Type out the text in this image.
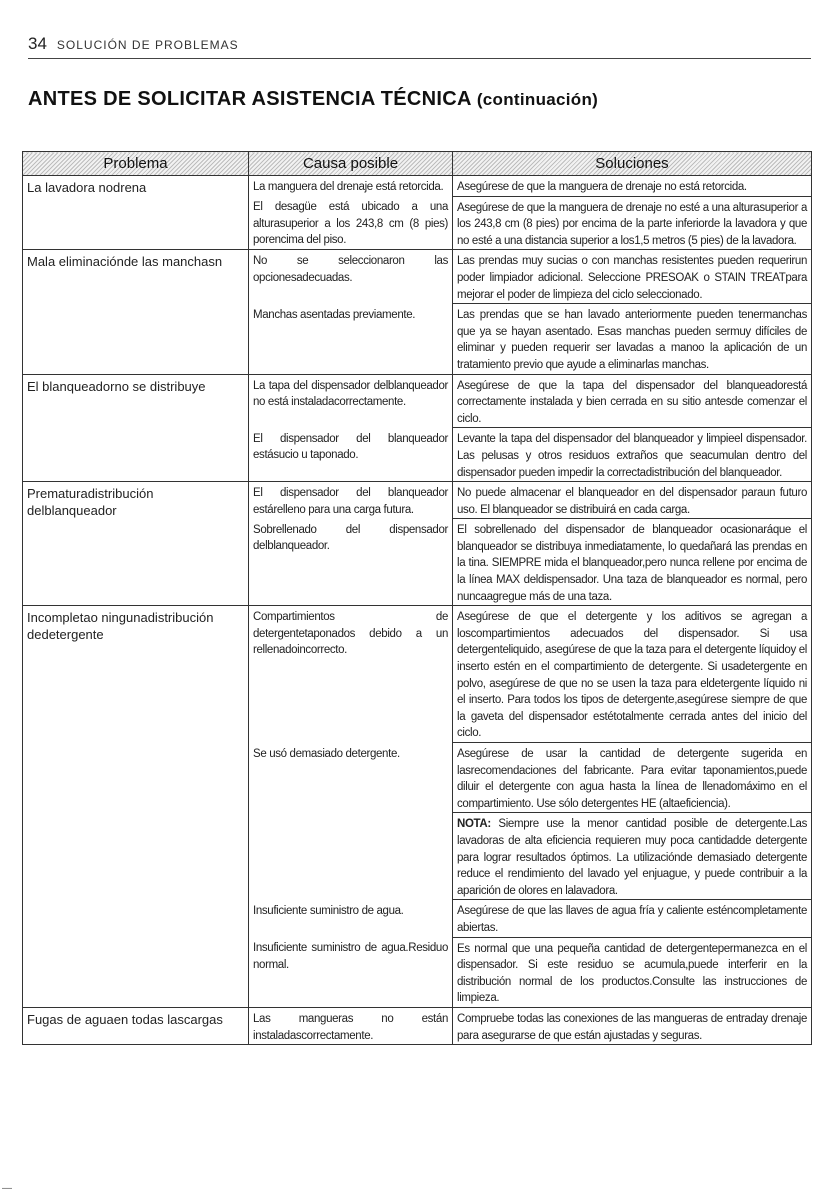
34 SOLUCIÓN DE PROBLEMAS
ANTES DE SOLICITAR ASISTENCIA TÉCNICA (continuación)
Problema	Causa posible	Soluciones
La lavadora nodrena	La manguera del drenaje está retorcida.	Asegúrese de que la manguera de drenaje no está retorcida.
	El desagüe está ubicado a una alturasuperior a los 243,8 cm (8 pies) porencima del piso.	Asegúrese de que la manguera de drenaje no esté a una alturasuperior a los 243,8 cm (8 pies) por encima de la parte inferiorde la lavadora y que no esté a una distancia superior a los1,5 metros (5 pies) de la lavadora.
Mala eliminaciónde las manchasn	No se seleccionaron las opcionesadecuadas.	Las prendas muy sucias o con manchas resistentes pueden requerirun poder limpiador adicional. Seleccione PRESOAK o STAIN TREATpara mejorar el poder de limpieza del ciclo seleccionado.
	Manchas asentadas previamente.	Las prendas que se han lavado anteriormente pueden tenermanchas que ya se hayan asentado. Esas manchas pueden sermuy difíciles de eliminar y pueden requerir ser lavadas a manoo la aplicación de un tratamiento previo que ayude a eliminarlas manchas.
El blanqueadorno se distribuye	La tapa del dispensador delblanqueador no está instaladacorrectamente.	Asegúrese de que la tapa del dispensador del blanqueadorestá correctamente instalada y bien cerrada en su sitio antesde comenzar el ciclo.
	El dispensador del blanqueador estásucio u taponado.	Levante la tapa del dispensador del blanqueador y limpieel dispensador. Las pelusas y otros residuos extraños que seacumulan dentro del dispensador pueden impedir la correctadistribución del blanqueador.
Prematuradistribución delblanqueador	El dispensador del blanqueador estárelleno para una carga futura.	No puede almacenar el blanqueador en del dispensador paraun futuro uso. El blanqueador se distribuirá en cada carga.
	Sobrellenado del dispensador delblanqueador.	El sobrellenado del dispensador de blanqueador ocasionaráque el blanqueador se distribuya inmediatamente, lo quedañará las prendas en la tina. SIEMPRE mida el blanqueador,pero nunca rellene por encima de la línea MAX deldispensador. Una taza de blanqueador es normal, pero nuncaagregue más de una taza.
Incompletao ningunadistribución dedetergente	Compartimientos de detergentetaponados debido a un rellenadoincorrecto.	Asegúrese de que el detergente y los aditivos se agregan a loscompartimientos adecuados del dispensador. Si usa detergenteliquido, asegúrese de que la taza para el detergente líquidoy el inserto estén en el compartimiento de detergente. Si usadetergente en polvo, asegúrese de que no se usen la taza para eldetergente líquido ni el inserto. Para todos los tipos de detergente,asegúrese siempre de que la gaveta del dispensador estétotalmente cerrada antes del inicio del ciclo.
	Se usó demasiado detergente.	Asegúrese de usar la cantidad de detergente sugerida en lasrecomendaciones del fabricante. Para evitar taponamientos,puede diluir el detergente con agua hasta la línea de llenadomáximo en el compartimiento. Use sólo detergentes HE (altaeficiencia).
		NOTA: Siempre use la menor cantidad posible de detergente.Las lavadoras de alta eficiencia requieren muy poca cantidadde detergente para lograr resultados óptimos. La utilizaciónde demasiado detergente reduce el rendimiento del lavado yel enjuague, y puede contribuir a la aparición de olores en lalavadora.
	Insuficiente suministro de agua.	Asegúrese de que las llaves de agua fría y caliente esténcompletamente abiertas.
	Insuficiente suministro de agua.Residuo normal.	Es normal que una pequeña cantidad de detergentepermanezca en el dispensador. Si este residuo se acumula,puede interferir en la distribución normal de los productos.Consulte las instrucciones de limpieza.
Fugas de aguaen todas lascargas	Las mangueras no están instaladascorrectamente.	Compruebe todas las conexiones de las mangueras de entraday drenaje para asegurarse de que están ajustadas y seguras.
—
